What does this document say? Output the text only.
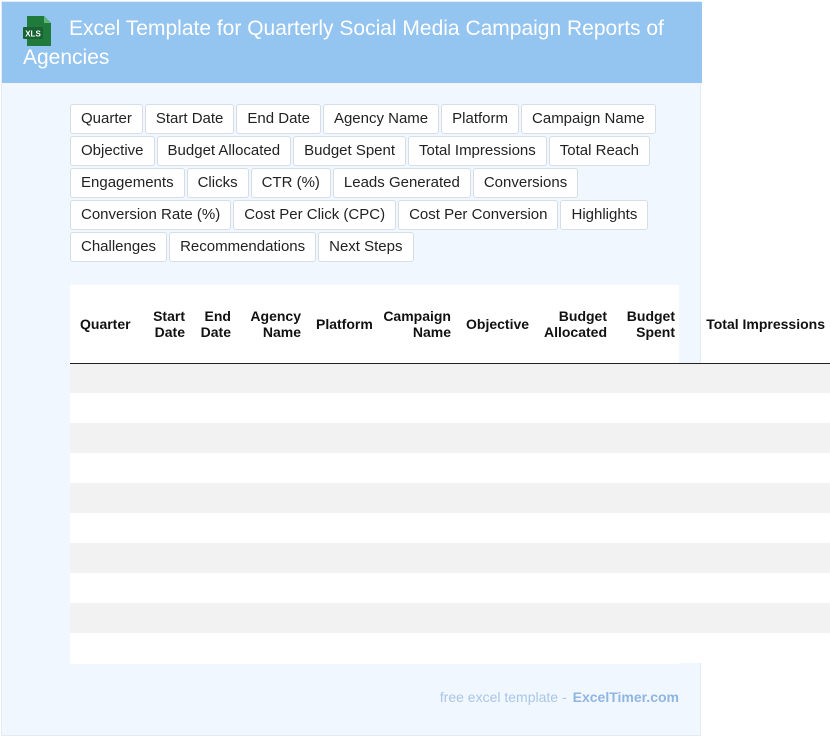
XLS	Excel Template for Quarterly Social Media Campaign Reports of Agencies
Quarter	Start Date	End Date	Agency Name	Platform	Campaign Name
Objective	Budget Allocated	Budget Spent	Total Impressions	Total Reach
Engagements	Clicks	CTR (%)	Leads Generated	Conversions
Conversion Rate (%)	Cost Per Click (CPC)	Cost Per Conversion	Highlights
Challenges	Recommendations	Next Steps
Quarter	Start Date	End Date	Agency Name	Platform	Campaign Name	Objective	Budget Allocated	Budget Spent	Total Impressions

free excel template - ExcelTimer.com
